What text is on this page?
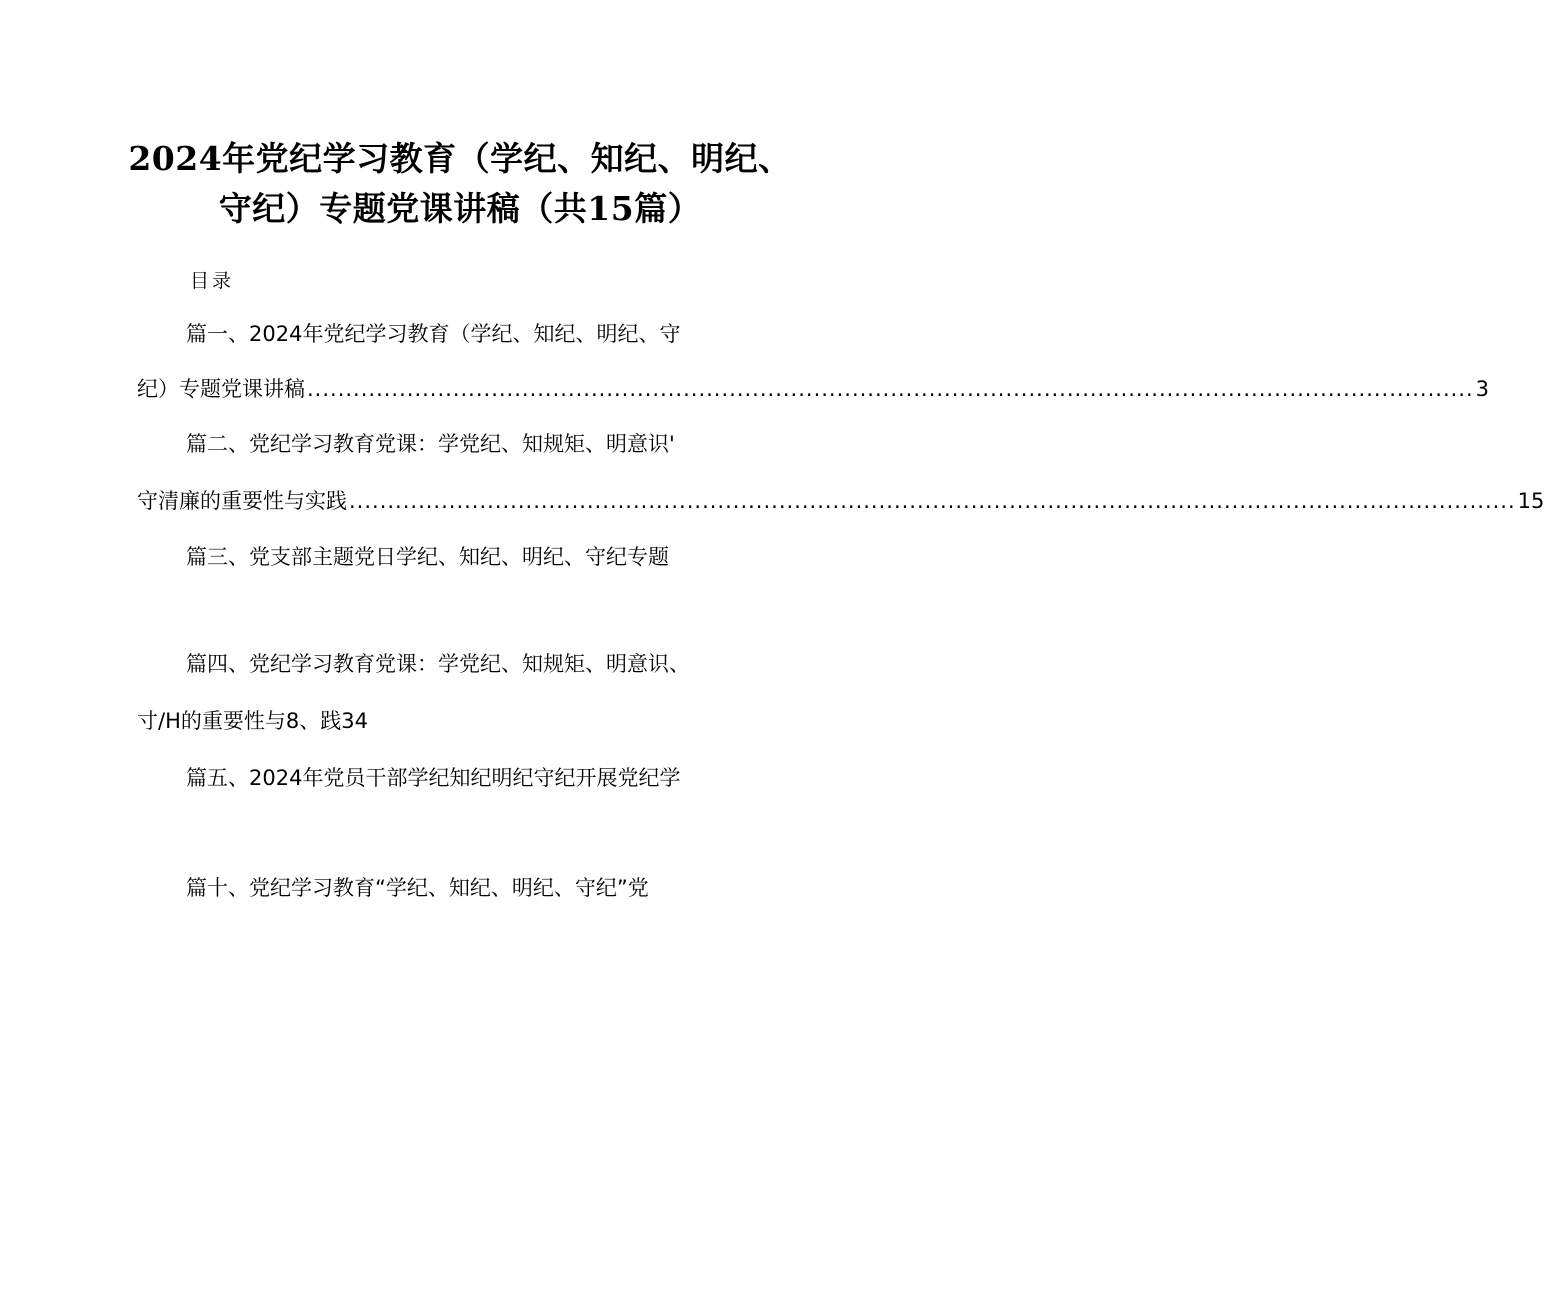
2024年党纪学习教育（学纪、知纪、明纪、
守纪）专题党课讲稿（共15篇）
目录
篇一、2024年党纪学习教育（学纪、知纪、明纪、守
纪）专题党课讲稿 ........................................................................................................................................................ 3
篇二、党纪学习教育党课：学党纪、知规矩、明意识'
守清廉的重要性与实践 ........................................................................................................................................................ 15
篇三、党支部主题党日学纪、知纪、明纪、守纪专题
篇四、党纪学习教育党课：学党纪、知规矩、明意识、
寸/H的重要性与8、践34
篇五、2024年党员干部学纪知纪明纪守纪开展党纪学
篇十、党纪学习教育“学纪、知纪、明纪、守纪”党
